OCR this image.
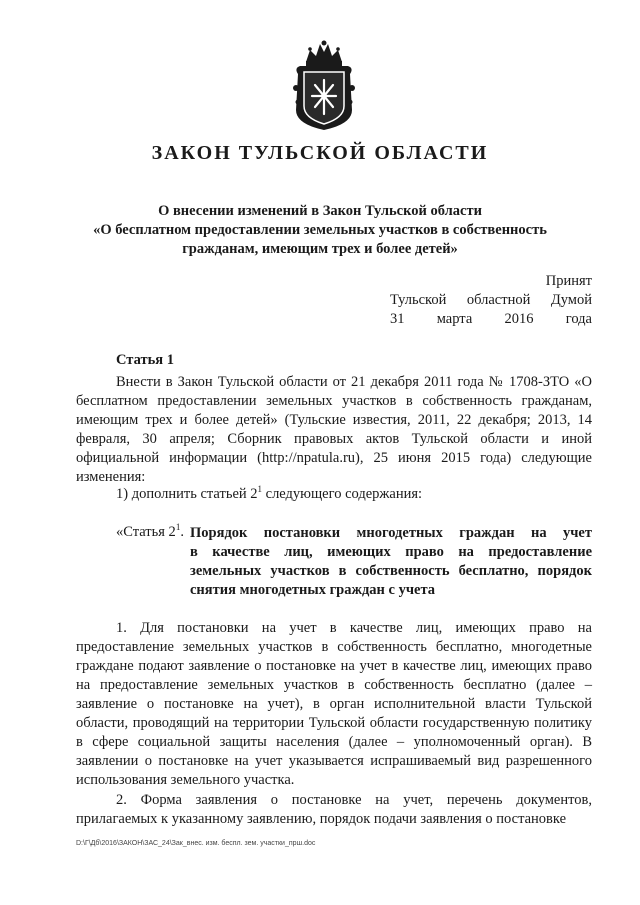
ЗАКОН ТУЛЬСКОЙ ОБЛАСТИ
О внесении изменений в Закон Тульской области
«О бесплатном предоставлении земельных участков в собственность
гражданам, имеющим трех и более детей»
Принят
Тульской областной Думой
31 марта 2016 года
Статья 1
Внести в Закон Тульской области от 21 декабря 2011 года № 1708-ЗТО «О бесплатном предоставлении земельных участков в собственность гражданам, имеющим трех и более детей» (Тульские известия, 2011, 22 декабря; 2013, 14 февраля, 30 апреля; Сборник правовых актов Тульской области и иной официальной информации (http://npatula.ru), 25 июня 2015 года) следующие изменения:
1) дополнить статьей $2^1$ следующего содержания:
«Статья $2^1$. Порядок постановки многодетных граждан на учет
в качестве лиц, имеющих право на предоставление
земельных участков в собственность бесплатно, порядок
снятия многодетных граждан с учета
1. Для постановки на учет в качестве лиц, имеющих право на предоставление земельных участков в собственность бесплатно, многодетные граждане подают заявление о постановке на учет в качестве лиц, имеющих право на предоставление земельных участков в собственность бесплатно (далее – заявление о постановке на учет), в орган исполнительной власти Тульской области, проводящий на территории Тульской области государственную политику в сфере социальной защиты населения (далее – уполномоченный орган). В заявлении о постановке на учет указывается испрашиваемый вид разрешенного использования земельного участка.
2. Форма заявления о постановке на учет, перечень документов, прилагаемых к указанному заявлению, порядок подачи заявления о постановке
D:\Г\Дб\2016\ЗАКОН\ЗАС_24\Зак_внес. изм. беспл. зем. участки_прш.doc
